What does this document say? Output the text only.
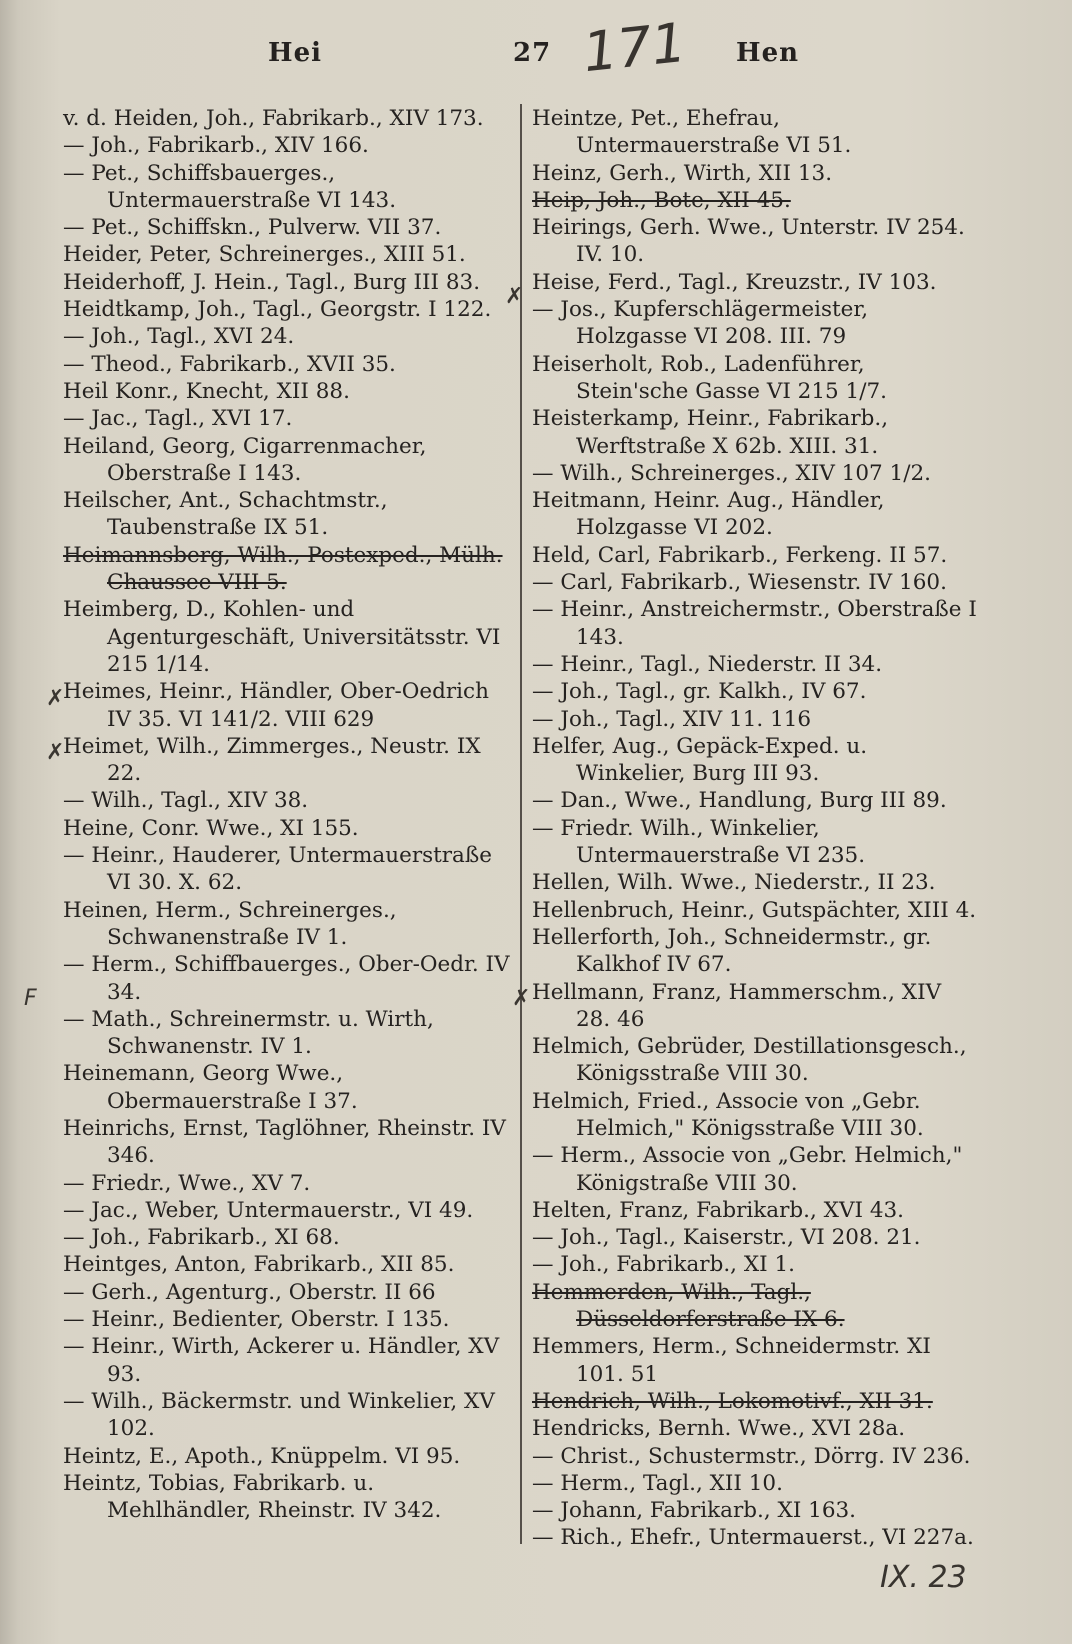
Hei	27 171 Hen
v. d. Heiden, Joh., Fabrikarb., XIV 173.
— Joh., Fabrikarb., XIV 166.
— Pet., Schiffsbauerges., Untermauerstraße VI 143.
— Pet., Schiffskn., Pulverw. VII 37.
Heider, Peter, Schreinerges., XIII 51.
Heiderhoff, J. Hein., Tagl., Burg III 83.
Heidtkamp, Joh., Tagl., Georgstr. I 122.
— Joh., Tagl., XVI 24.
— Theod., Fabrikarb., XVII 35.
Heil Konr., Knecht, XII 88.
— Jac., Tagl., XVI 17.
Heiland, Georg, Cigarrenmacher, Oberstraße I 143.
Heilscher, Ant., Schachtmstr., Taubenstraße IX 51.
Heimannsberg, Wilh., Postexped., Mülh. Chaussee VIII 5.
Heimberg, D., Kohlen- und Agenturgeschäft, Universitätsstr. VI 215 1/14.
Heimes, Heinr., Händler, Ober-Oedrich IV 35. VI 141/2. VIII 629
Heimet, Wilh., Zimmerges., Neustr. IX 22.
— Wilh., Tagl., XIV 38.
Heine, Conr. Wwe., XI 155.
— Heinr., Hauderer, Untermauerstraße VI 30. X. 62.
Heinen, Herm., Schreinerges., Schwanenstraße IV 1.
— Herm., Schiffbauerges., Ober-Oedr. IV 34.
— Math., Schreinermstr. u. Wirth, Schwanenstr. IV 1.
Heinemann, Georg Wwe., Obermauerstraße I 37.
Heinrichs, Ernst, Taglöhner, Rheinstr. IV 346.
— Friedr., Wwe., XV 7.
— Jac., Weber, Untermauerstr., VI 49.
— Joh., Fabrikarb., XI 68.
Heintges, Anton, Fabrikarb., XII 85.
— Gerh., Agenturg., Oberstr. II 66
— Heinr., Bedienter, Oberstr. I 135.
— Heinr., Wirth, Ackerer u. Händler, XV 93.
— Wilh., Bäckermstr. und Winkelier, XV 102.
Heintz, E., Apoth., Knüppelm. VI 95.
Heintz, Tobias, Fabrikarb. u. Mehlhändler, Rheinstr. IV 342.
Heintze, Pet., Ehefrau, Untermauerstraße VI 51.
Heinz, Gerh., Wirth, XII 13.
Heip, Joh., Bote, XII 45.
Heirings, Gerh. Wwe., Unterstr. IV 254. IV. 10.
Heise, Ferd., Tagl., Kreuzstr., IV 103.
— Jos., Kupferschlägermeister, Holzgasse VI 208. III. 79
Heiserholt, Rob., Ladenführer, Stein'sche Gasse VI 215 1/7.
Heisterkamp, Heinr., Fabrikarb., Werftstraße X 62b. XIII. 31.
— Wilh., Schreinerges., XIV 107 1/2.
Heitmann, Heinr. Aug., Händler, Holzgasse VI 202.
Held, Carl, Fabrikarb., Ferkeng. II 57.
— Carl, Fabrikarb., Wiesenstr. IV 160.
— Heinr., Anstreichermstr., Oberstraße I 143.
— Heinr., Tagl., Niederstr. II 34.
— Joh., Tagl., gr. Kalkh., IV 67.
— Joh., Tagl., XIV 11. 116
Helfer, Aug., Gepäck-Exped. u. Winkelier, Burg III 93.
— Dan., Wwe., Handlung, Burg III 89.
— Friedr. Wilh., Winkelier, Untermauerstraße VI 235.
Hellen, Wilh. Wwe., Niederstr., II 23.
Hellenbruch, Heinr., Gutspächter, XIII 4.
Hellerforth, Joh., Schneidermstr., gr. Kalkhof IV 67.
Hellmann, Franz, Hammerschm., XIV 28. 46
Helmich, Gebrüder, Destillationsgesch., Königsstraße VIII 30.
Helmich, Fried., Associe von „Gebr. Helmich," Königsstraße VIII 30.
— Herm., Associe von „Gebr. Helmich," Königstraße VIII 30.
Helten, Franz, Fabrikarb., XVI 43.
— Joh., Tagl., Kaiserstr., VI 208. 21.
— Joh., Fabrikarb., XI 1.
Hemmerden, Wilh., Tagl., Düsseldorferstraße IX 6.
Hemmers, Herm., Schneidermstr. XI 101. 51
Hendrich, Wilh., Lokomotivf., XII 31.
Hendricks, Bernh. Wwe., XVI 28a.
— Christ., Schustermstr., Dörrg. IV 236.
— Herm., Tagl., XII 10.
— Johann, Fabrikarb., XI 163.
— Rich., Ehefr., Untermauerst., VI 227a.
✗
✗
✗
✗
F
IX. 23
